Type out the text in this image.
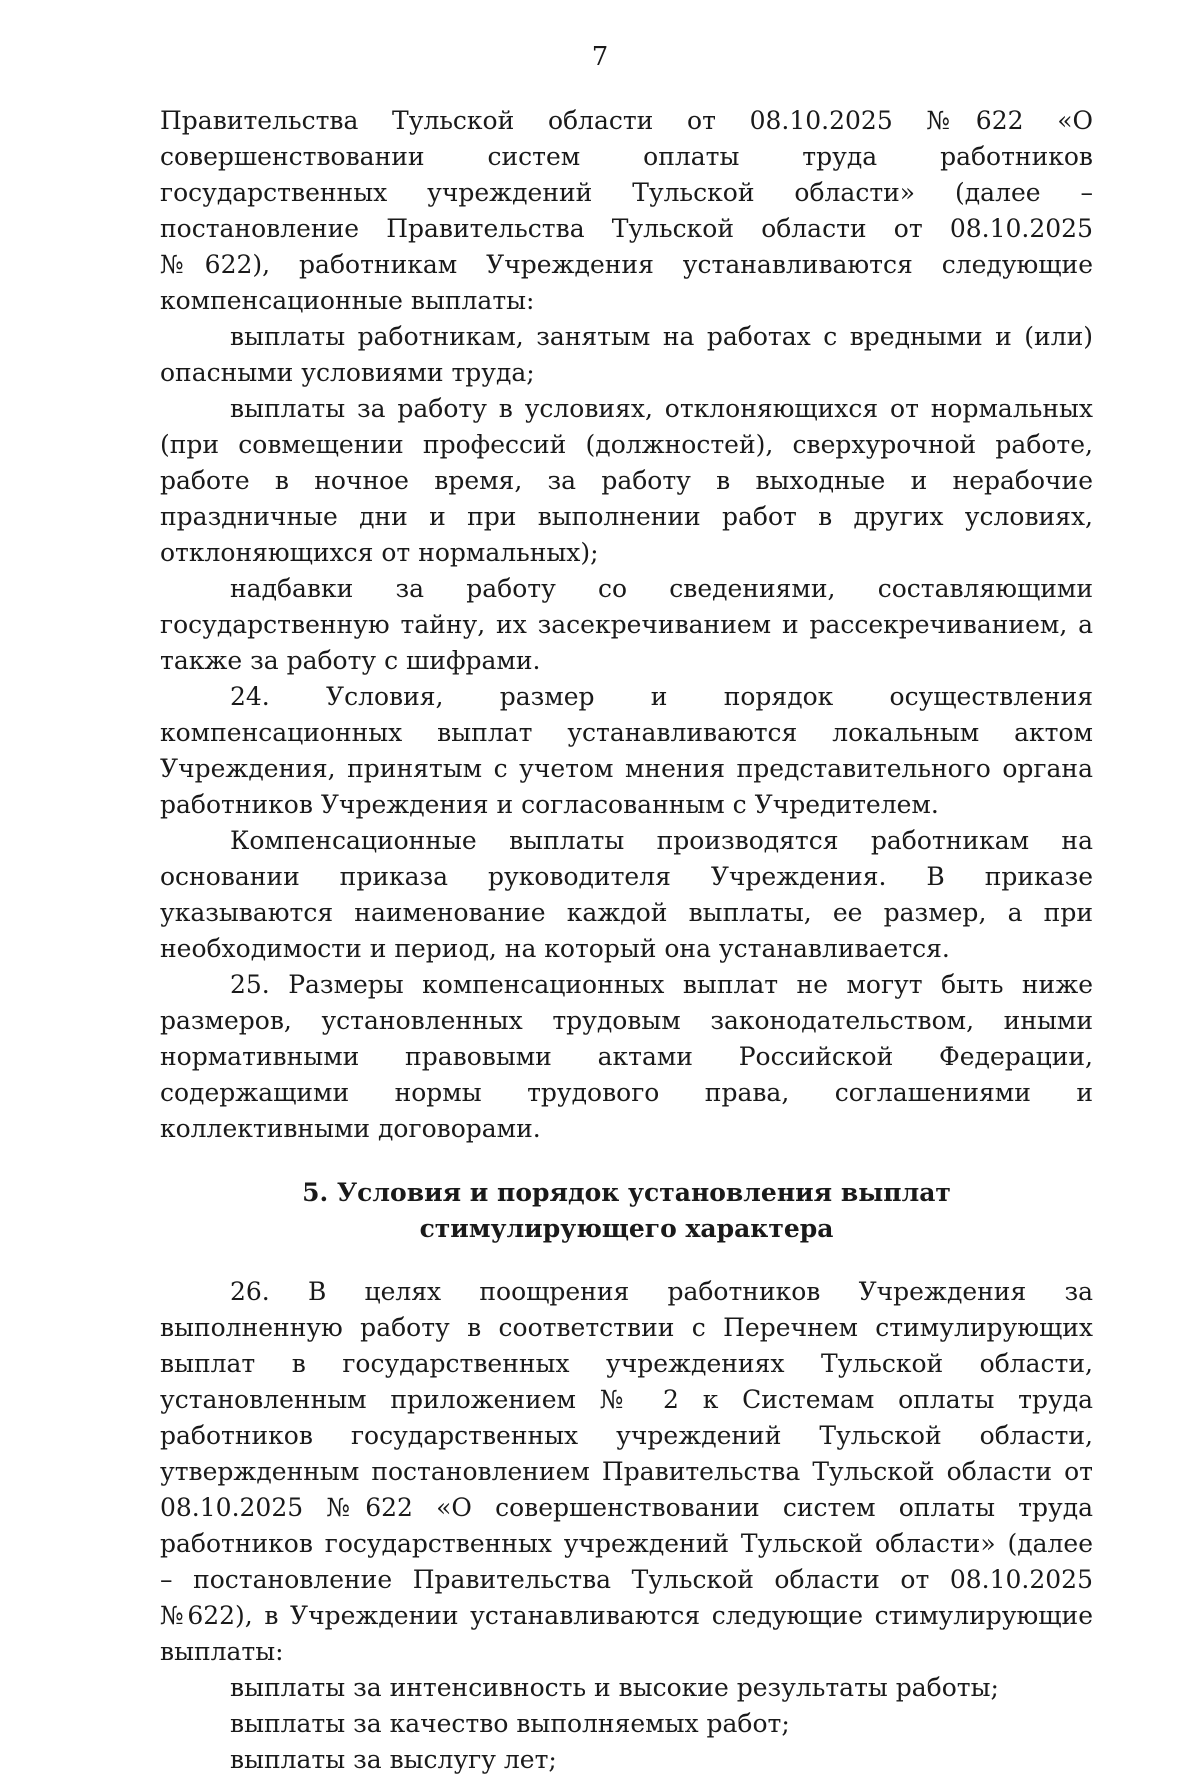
7

Правительства Тульской области от 08.10.2025 №622 «О совершенствовании систем оплаты труда работников государственных учреждений Тульской области» (далее – постановление Правительства Тульской области от 08.10.2025 №622), работникам Учреждения устанавливаются следующие компенсационные выплаты:

выплаты работникам, занятым на работах с вредными и (или) опасными условиями труда;

выплаты за работу в условиях, отклоняющихся от нормальных (при совмещении профессий (должностей), сверхурочной работе, работе в ночное время, за работу в выходные и нерабочие праздничные дни и при выполнении работ в других условиях, отклоняющихся от нормальных);

надбавки за работу со сведениями, составляющими государственную тайну, их засекречиванием и рассекречиванием, а также за работу с шифрами.

24. Условия, размер и порядок осуществления компенсационных выплат устанавливаются локальным актом Учреждения, принятым с учетом мнения представительного органа работников Учреждения и согласованным с Учредителем.

Компенсационные выплаты производятся работникам на основании приказа руководителя Учреждения. В приказе указываются наименование каждой выплаты, ее размер, а при необходимости и период, на который она устанавливается.

25. Размеры компенсационных выплат не могут быть ниже размеров, установленных трудовым законодательством, иными нормативными правовыми актами Российской Федерации, содержащими нормы трудового права, соглашениями и коллективными договорами.

5. Условия и порядок установления выплат
стимулирующего характера

26. В целях поощрения работников Учреждения за выполненную работу в соответствии с Перечнем стимулирующих выплат в государственных учреждениях Тульской области, установленным приложением № 2 к Системам оплаты труда работников государственных учреждений Тульской области, утвержденным постановлением Правительства Тульской области от 08.10.2025 №622 «О совершенствовании систем оплаты труда работников государственных учреждений Тульской области» (далее – постановление Правительства Тульской области от 08.10.2025 №622), в Учреждении устанавливаются следующие стимулирующие выплаты:

выплаты за интенсивность и высокие результаты работы;

выплаты за качество выполняемых работ;

выплаты за выслугу лет;
